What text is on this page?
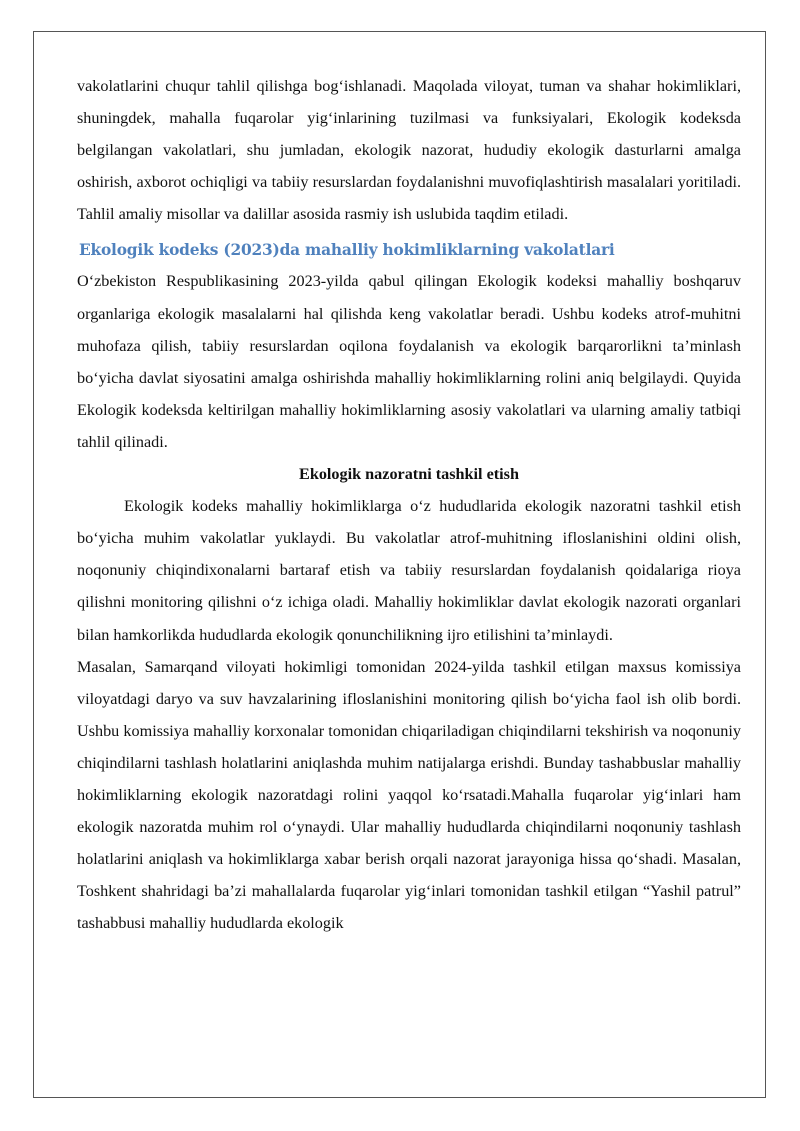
vakolatlarini chuqur tahlil qilishga bog‘ishlanadi. Maqolada viloyat, tuman va shahar hokimliklari, shuningdek, mahalla fuqarolar yig‘inlarining tuzilmasi va funksiyalari, Ekologik kodeksda belgilangan vakolatlari, shu jumladan, ekologik nazorat, hududiy ekologik dasturlarni amalga oshirish, axborot ochiqligi va tabiiy resurslardan foydalanishni muvofiqlashtirish masalalari yoritiladi. Tahlil amaliy misollar va dalillar asosida rasmiy ish uslubida taqdim etiladi.

Ekologik kodeks (2023)da mahalliy hokimliklarning vakolatlari

O‘zbekiston Respublikasining 2023-yilda qabul qilingan Ekologik kodeksi mahalliy boshqaruv organlariga ekologik masalalarni hal qilishda keng vakolatlar beradi. Ushbu kodeks atrof-muhitni muhofaza qilish, tabiiy resurslardan oqilona foydalanish va ekologik barqarorlikni ta’minlash bo‘yicha davlat siyosatini amalga oshirishda mahalliy hokimliklarning rolini aniq belgilaydi. Quyida Ekologik kodeksda keltirilgan mahalliy hokimliklarning asosiy vakolatlari va ularning amaliy tatbiqi tahlil qilinadi.

Ekologik nazoratni tashkil etish

Ekologik kodeks mahalliy hokimliklarga o‘z hududlarida ekologik nazoratni tashkil etish bo‘yicha muhim vakolatlar yuklaydi. Bu vakolatlar atrof-muhitning ifloslanishini oldini olish, noqonuniy chiqindixonalarni bartaraf etish va tabiiy resurslardan foydalanish qoidalariga rioya qilishni monitoring qilishni o‘z ichiga oladi. Mahalliy hokimliklar davlat ekologik nazorati organlari bilan hamkorlikda hududlarda ekologik qonunchilikning ijro etilishini ta’minlaydi.

Masalan, Samarqand viloyati hokimligi tomonidan 2024-yilda tashkil etilgan maxsus komissiya viloyatdagi daryo va suv havzalarining ifloslanishini monitoring qilish bo‘yicha faol ish olib bordi. Ushbu komissiya mahalliy korxonalar tomonidan chiqariladigan chiqindilarni tekshirish va noqonuniy chiqindilarni tashlash holatlarini aniqlashda muhim natijalarga erishdi. Bunday tashabbuslar mahalliy hokimliklarning ekologik nazoratdagi rolini yaqqol ko‘rsatadi.Mahalla fuqarolar yig‘inlari ham ekologik nazoratda muhim rol o‘ynaydi. Ular mahalliy hududlarda chiqindilarni noqonuniy tashlash holatlarini aniqlash va hokimliklarga xabar berish orqali nazorat jarayoniga hissa qo‘shadi. Masalan, Toshkent shahridagi ba’zi mahallalarda fuqarolar yig‘inlari tomonidan tashkil etilgan “Yashil patrul” tashabbusi mahalliy hududlarda ekologik
